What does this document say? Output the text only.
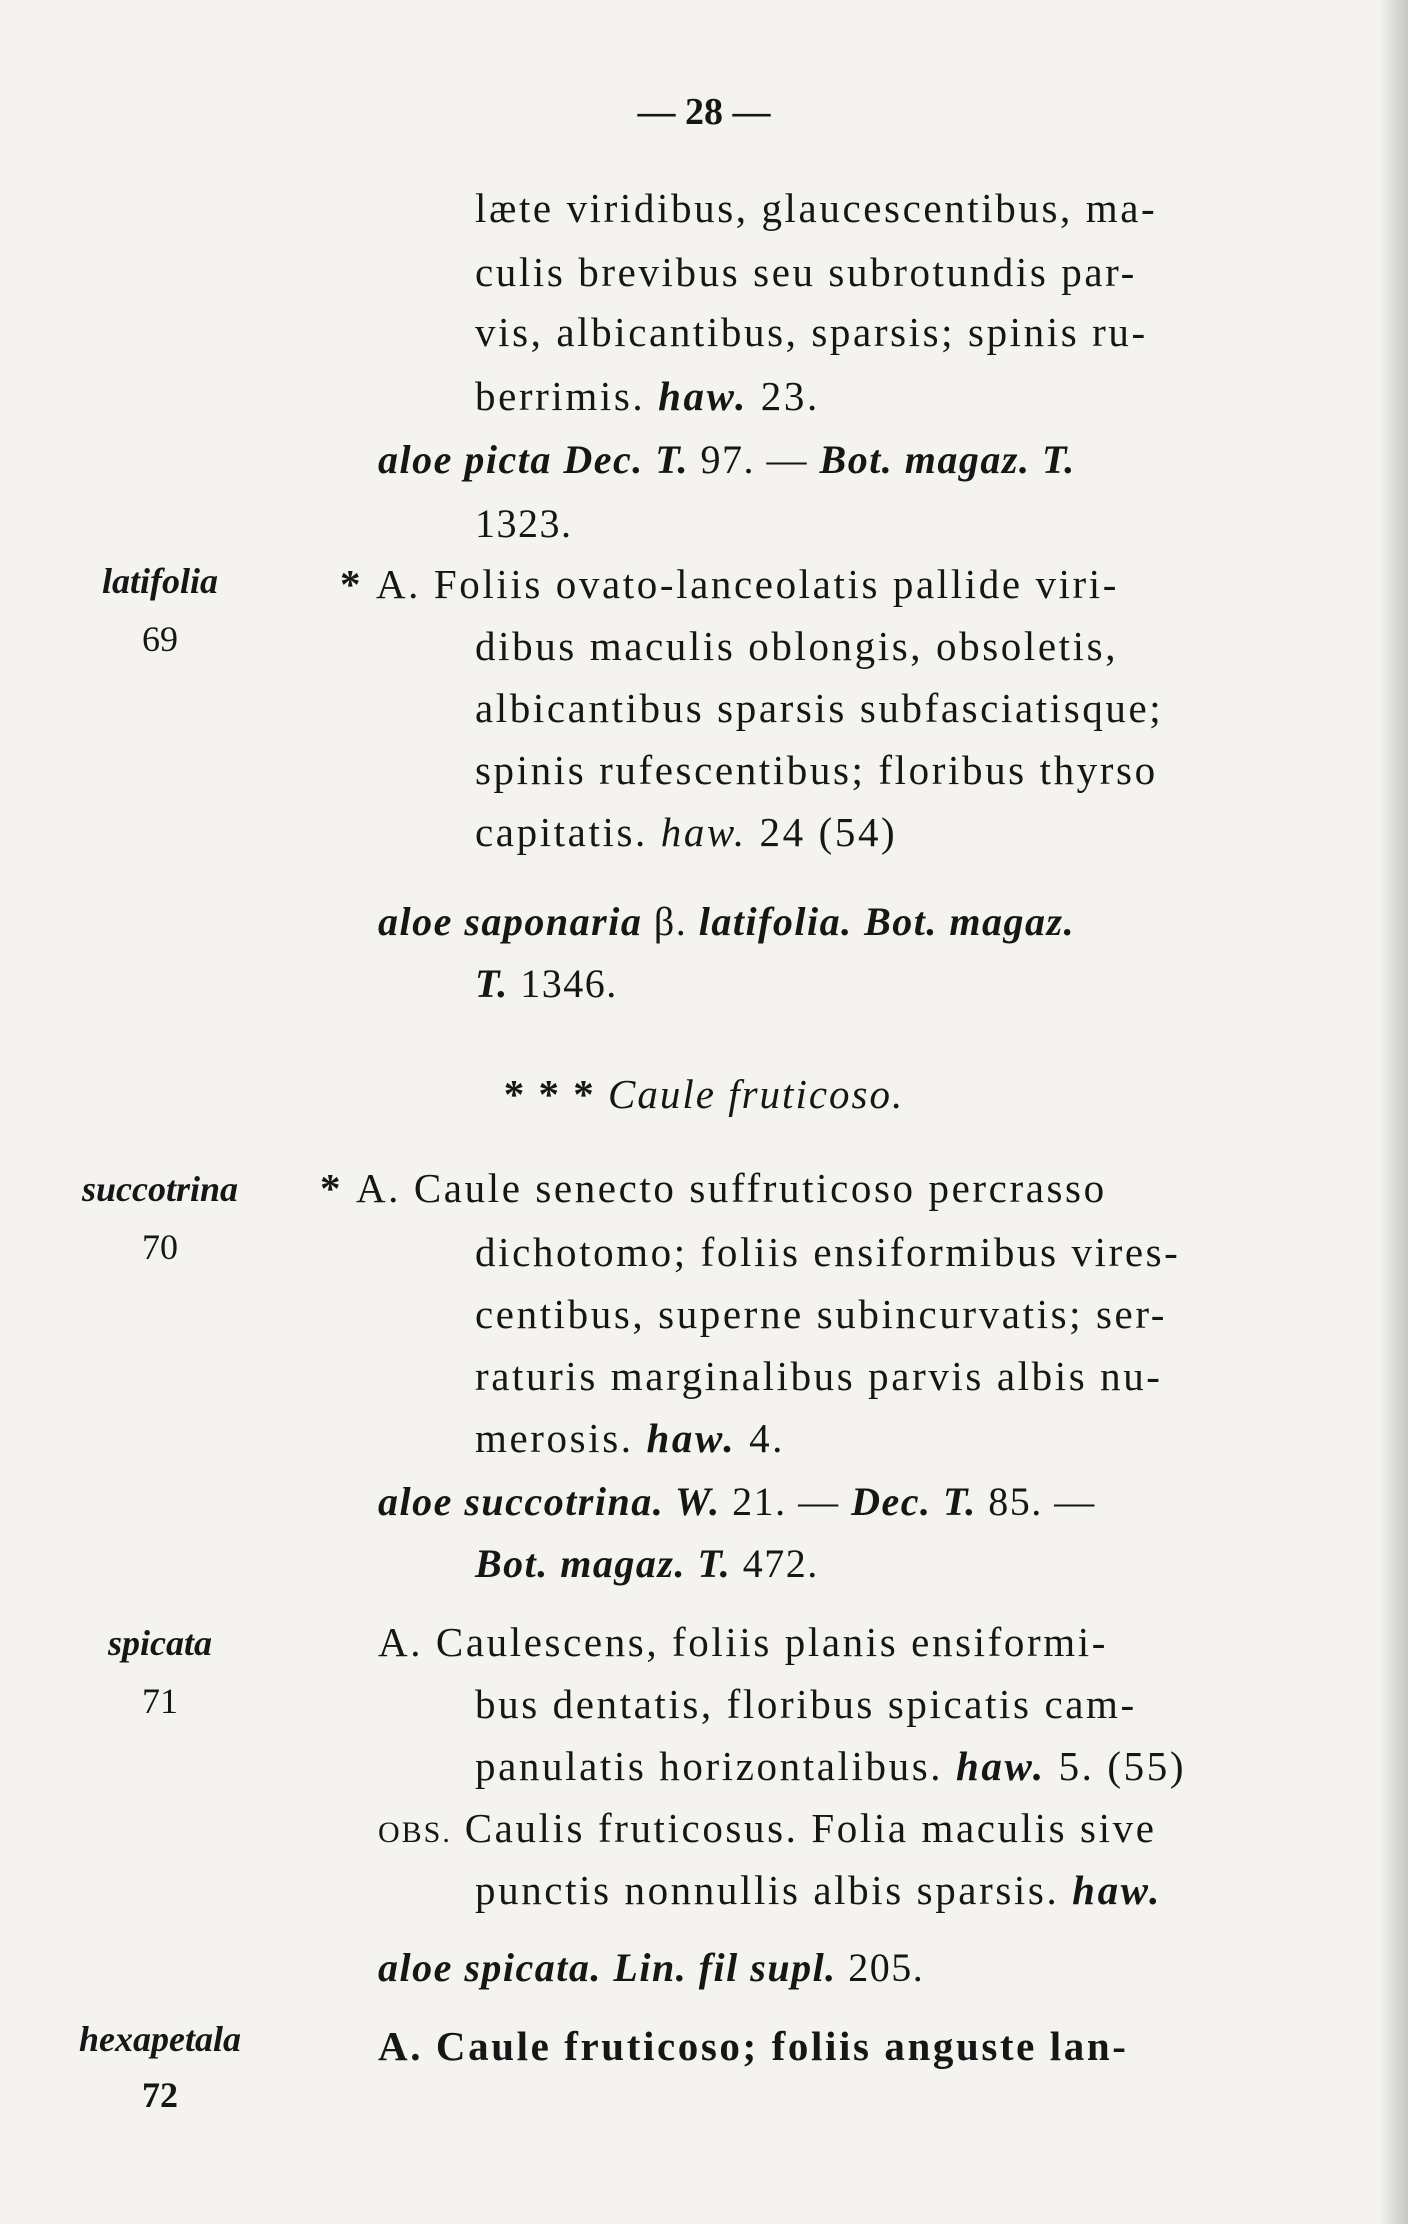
— 28 —
læte viridibus, glaucescentibus, ma-
culis brevibus seu subrotundis par-
vis, albicantibus, sparsis; spinis ru-
berrimis. haw. 23.
aloe picta Dec. T. 97. — Bot. magaz. T.
1323.
latifolia
69
* A. Foliis ovato-lanceolatis pallide viri-
dibus maculis oblongis, obsoletis,
albicantibus sparsis subfasciatisque;
spinis rufescentibus; floribus thyrso
capitatis. haw. 24 (54)
aloe saponaria β. latifolia. Bot. magaz.
T. 1346.
* * * Caule fruticoso.
succotrina
70
* A. Caule senecto suffruticoso percrasso
dichotomo; foliis ensiformibus vires-
centibus, superne subincurvatis; ser-
raturis marginalibus parvis albis nu-
merosis. haw. 4.
aloe succotrina. W. 21. — Dec. T. 85. —
Bot. magaz. T. 472.
spicata
71
A. Caulescens, foliis planis ensiformi-
bus dentatis, floribus spicatis cam-
panulatis horizontalibus. haw. 5. (55)
OBS. Caulis fruticosus. Folia maculis sive
punctis nonnullis albis sparsis. haw.
aloe spicata. Lin. fil supl. 205.
hexapetala
72
A. Caule fruticoso; foliis anguste lan-
